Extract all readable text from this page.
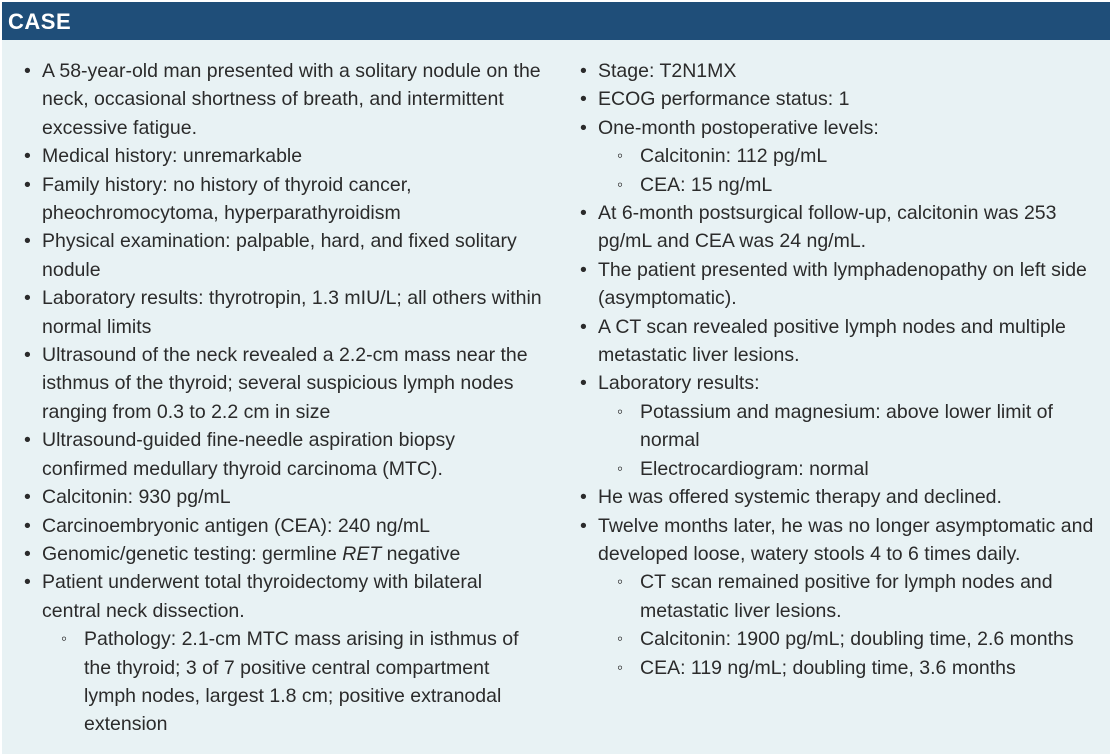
CASE
• A 58-year-old man presented with a solitary nodule on the neck, occasional shortness of breath, and intermittent excessive fatigue.
• Medical history: unremarkable
• Family history: no history of thyroid cancer, pheochromocytoma, hyperparathyroidism
• Physical examination: palpable, hard, and fixed solitary nodule
• Laboratory results: thyrotropin, 1.3 mIU/L; all others within normal limits
• Ultrasound of the neck revealed a 2.2-cm mass near the isthmus of the thyroid; several suspicious lymph nodes ranging from 0.3 to 2.2 cm in size
• Ultrasound-guided fine-needle aspiration biopsy confirmed medullary thyroid carcinoma (MTC).
• Calcitonin: 930 pg/mL
• Carcinoembryonic antigen (CEA): 240 ng/mL
• Genomic/genetic testing: germline RET negative
• Patient underwent total thyroidectomy with bilateral central neck dissection.
◦ Pathology: 2.1-cm MTC mass arising in isthmus of the thyroid; 3 of 7 positive central compartment lymph nodes, largest 1.8 cm; positive extranodal extension
• Stage: T2N1MX
• ECOG performance status: 1
• One-month postoperative levels:
◦ Calcitonin: 112 pg/mL
◦ CEA: 15 ng/mL
• At 6-month postsurgical follow-up, calcitonin was 253 pg/mL and CEA was 24 ng/mL.
• The patient presented with lymphadenopathy on left side (asymptomatic).
• A CT scan revealed positive lymph nodes and multiple metastatic liver lesions.
• Laboratory results:
◦ Potassium and magnesium: above lower limit of normal
◦ Electrocardiogram: normal
• He was offered systemic therapy and declined.
• Twelve months later, he was no longer asymptomatic and developed loose, watery stools 4 to 6 times daily.
◦ CT scan remained positive for lymph nodes and metastatic liver lesions.
◦ Calcitonin: 1900 pg/mL; doubling time, 2.6 months
◦ CEA: 119 ng/mL; doubling time, 3.6 months
